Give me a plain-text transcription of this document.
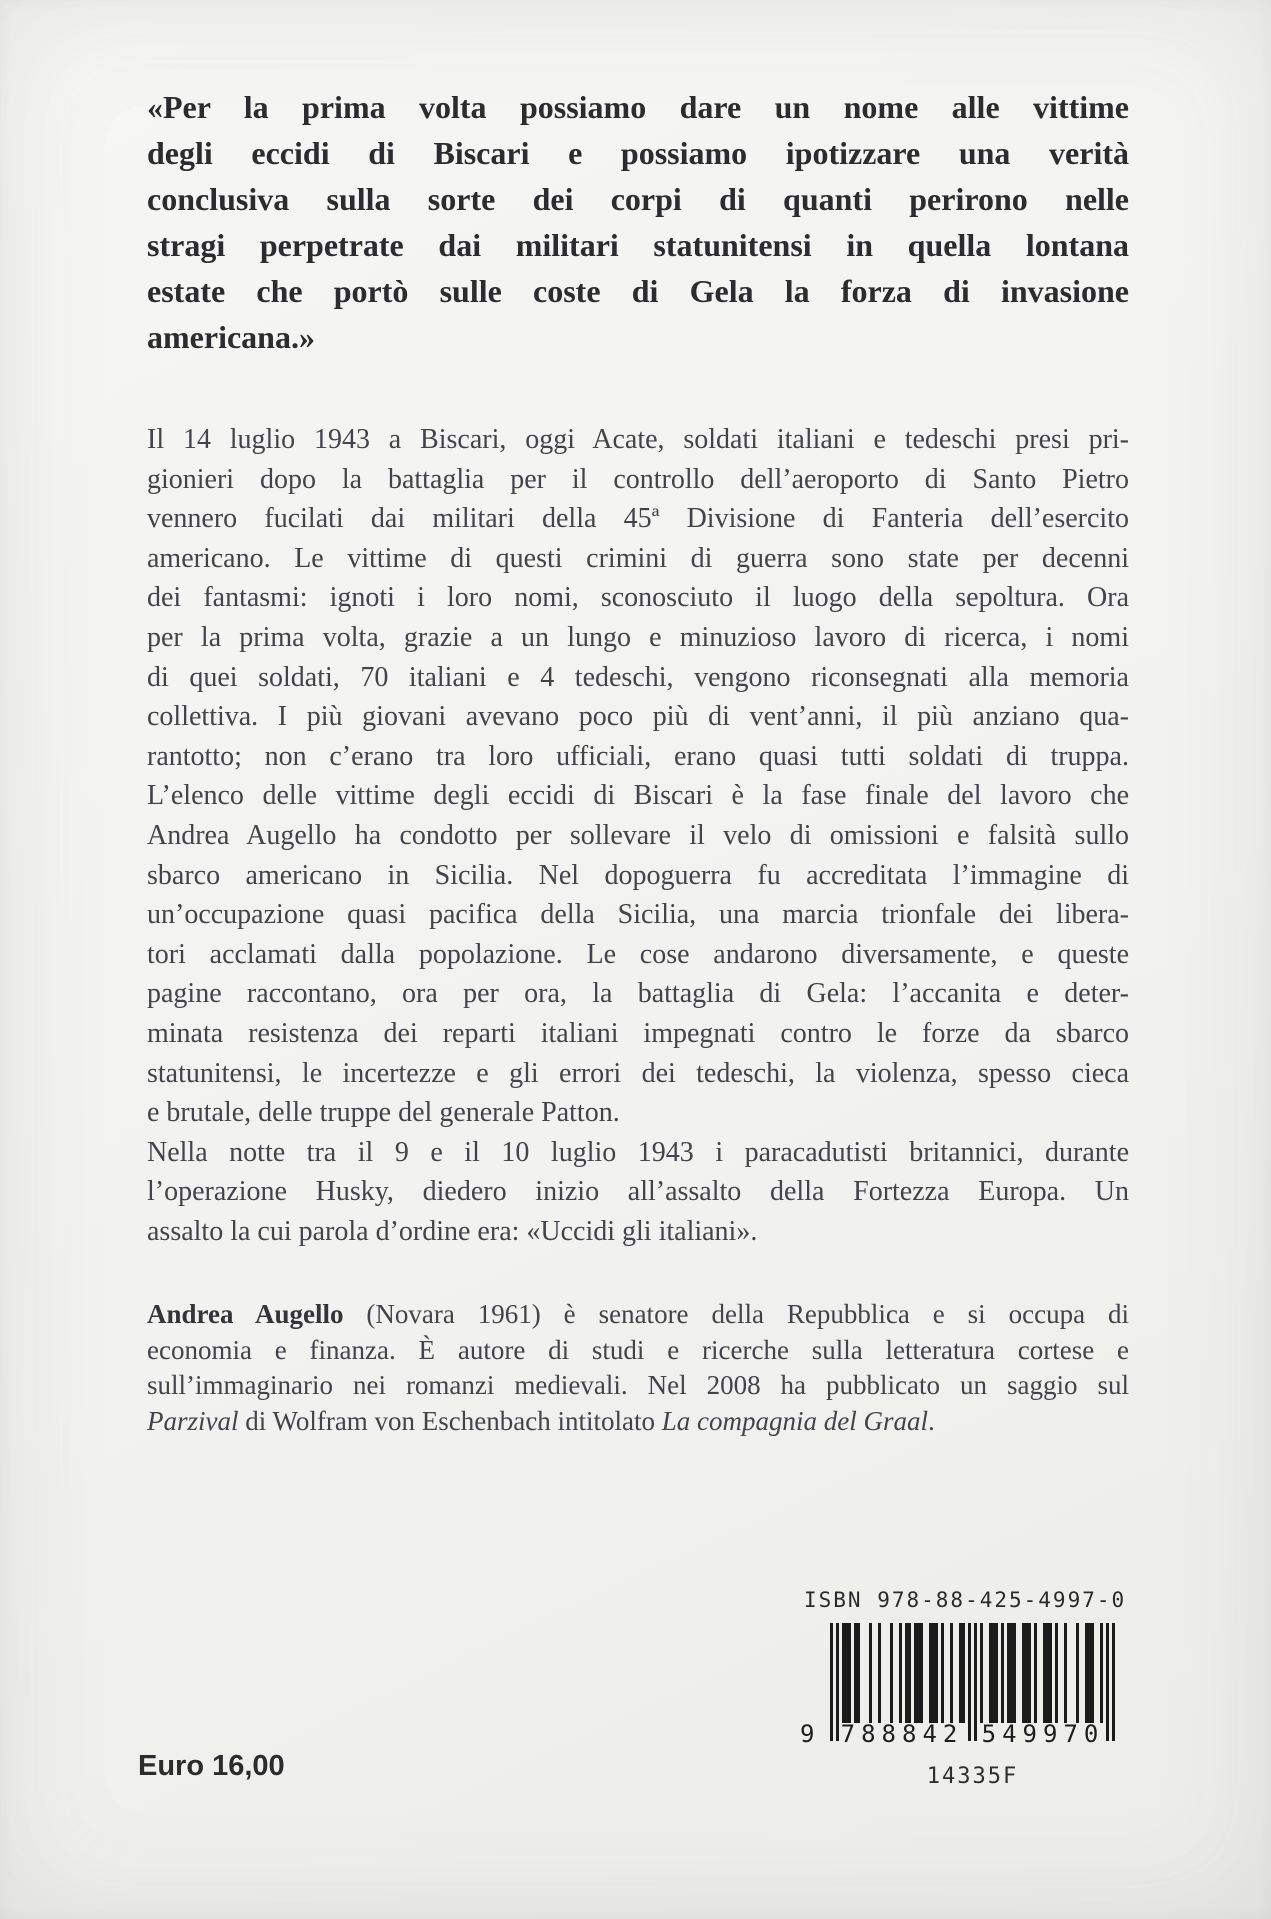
«Per la prima volta possiamo dare un nome alle vittime
degli eccidi di Biscari e possiamo ipotizzare una verità
conclusiva sulla sorte dei corpi di quanti perirono nelle
stragi perpetrate dai militari statunitensi in quella lontana
estate che portò sulle coste di Gela la forza di invasione
americana.»
Il 14 luglio 1943 a Biscari, oggi Acate, soldati italiani e tedeschi presi pri-
gionieri dopo la battaglia per il controllo dell’aeroporto di Santo Pietro
vennero fucilati dai militari della 45ª Divisione di Fanteria dell’esercito
americano. Le vittime di questi crimini di guerra sono state per decenni
dei fantasmi: ignoti i loro nomi, sconosciuto il luogo della sepoltura. Ora
per la prima volta, grazie a un lungo e minuzioso lavoro di ricerca, i nomi
di quei soldati, 70 italiani e 4 tedeschi, vengono riconsegnati alla memoria
collettiva. I più giovani avevano poco più di vent’anni, il più anziano qua-
rantotto; non c’erano tra loro ufficiali, erano quasi tutti soldati di truppa.
L’elenco delle vittime degli eccidi di Biscari è la fase finale del lavoro che
Andrea Augello ha condotto per sollevare il velo di omissioni e falsità sullo
sbarco americano in Sicilia. Nel dopoguerra fu accreditata l’immagine di
un’occupazione quasi pacifica della Sicilia, una marcia trionfale dei libera-
tori acclamati dalla popolazione. Le cose andarono diversamente, e queste
pagine raccontano, ora per ora, la battaglia di Gela: l’accanita e deter-
minata resistenza dei reparti italiani impegnati contro le forze da sbarco
statunitensi, le incertezze e gli errori dei tedeschi, la violenza, spesso cieca
e brutale, delle truppe del generale Patton.
Nella notte tra il 9 e il 10 luglio 1943 i paracadutisti britannici, durante
l’operazione Husky, diedero inizio all’assalto della Fortezza Europa. Un
assalto la cui parola d’ordine era: «Uccidi gli italiani».
Andrea Augello (Novara 1961) è senatore della Repubblica e si occupa di
economia e finanza. È autore di studi e ricerche sulla letteratura cortese e
sull’immaginario nei romanzi medievali. Nel 2008 ha pubblicato un saggio sul
Parzival di Wolfram von Eschenbach intitolato La compagnia del Graal.
Euro 16,00
ISBN 978-88-425-4997-0
9 788842 549970
14335F
